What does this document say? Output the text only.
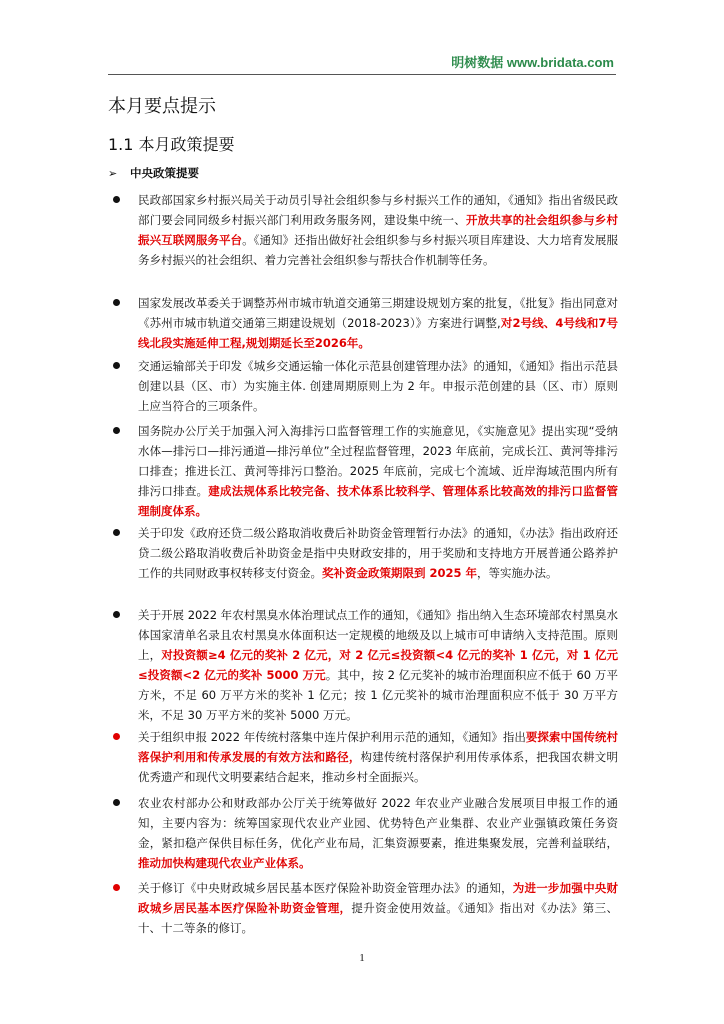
明树数据 www.bridata.com
本月要点提示
1.1 本月政策提要
➢ 中央政策提要
民政部国家乡村振兴局关于动员引导社会组织参与乡村振兴工作的通知，《通知》指出省级民政部门要会同同级乡村振兴部门利用政务服务网，建设集中统一、开放共享的社会组织参与乡村振兴互联网服务平台。《通知》还指出做好社会组织参与乡村振兴项目库建设、大力培育发展服务乡村振兴的社会组织、着力完善社会组织参与帮扶合作机制等任务。
国家发展改革委关于调整苏州市城市轨道交通第三期建设规划方案的批复，《批复》指出同意对《苏州市城市轨道交通第三期建设规划（2018-2023）》方案进行调整,对2号线、4号线和7号线北段实施延伸工程,规划期延长至2026年。
交通运输部关于印发《城乡交通运输一体化示范县创建管理办法》的通知，《通知》指出示范县创建以县（区、市）为实施主体. 创建周期原则上为 2 年。申报示范创建的县（区、市）原则上应当符合的三项条件。
国务院办公厅关于加强入河入海排污口监督管理工作的实施意见，《实施意见》提出实现“受纳水体—排污口—排污通道—排污单位”全过程监督管理，2023 年底前，完成长江、黄河等排污口排查；推进长江、黄河等排污口整治。2025 年底前，完成七个流域、近岸海域范围内所有排污口排查。建成法规体系比较完备、技术体系比较科学、管理体系比较高效的排污口监督管理制度体系。
关于印发《政府还贷二级公路取消收费后补助资金管理暂行办法》的通知，《办法》指出政府还贷二级公路取消收费后补助资金是指中央财政安排的，用于奖励和支持地方开展普通公路养护工作的共同财政事权转移支付资金。奖补资金政策期限到 2025 年，等实施办法。
关于开展 2022 年农村黑臭水体治理试点工作的通知，《通知》指出纳入生态环境部农村黑臭水体国家清单名录且农村黑臭水体面积达一定规模的地级及以上城市可申请纳入支持范围。原则上，对投资额≥4 亿元的奖补 2 亿元，对 2 亿元≤投资额<4 亿元的奖补 1 亿元，对 1 亿元≤投资额<2 亿元的奖补 5000 万元。其中，按 2 亿元奖补的城市治理面积应不低于 60 万平方米，不足 60 万平方米的奖补 1 亿元；按 1 亿元奖补的城市治理面积应不低于 30 万平方米，不足 30 万平方米的奖补 5000 万元。
关于组织申报 2022 年传统村落集中连片保护利用示范的通知，《通知》指出要探索中国传统村落保护利用和传承发展的有效方法和路径，构建传统村落保护利用传承体系，把我国农耕文明优秀遗产和现代文明要素结合起来，推动乡村全面振兴。
农业农村部办公和财政部办公厅关于统筹做好 2022 年农业产业融合发展项目申报工作的通知，主要内容为：统筹国家现代农业产业园、优势特色产业集群、农业产业强镇政策任务资金，紧扣稳产保供目标任务，优化产业布局，汇集资源要素，推进集聚发展，完善利益联结，推动加快构建现代农业产业体系。
关于修订《中央财政城乡居民基本医疗保险补助资金管理办法》的通知，为进一步加强中央财政城乡居民基本医疗保险补助资金管理，提升资金使用效益。《通知》指出对《办法》第三、十、十二等条的修订。
1
